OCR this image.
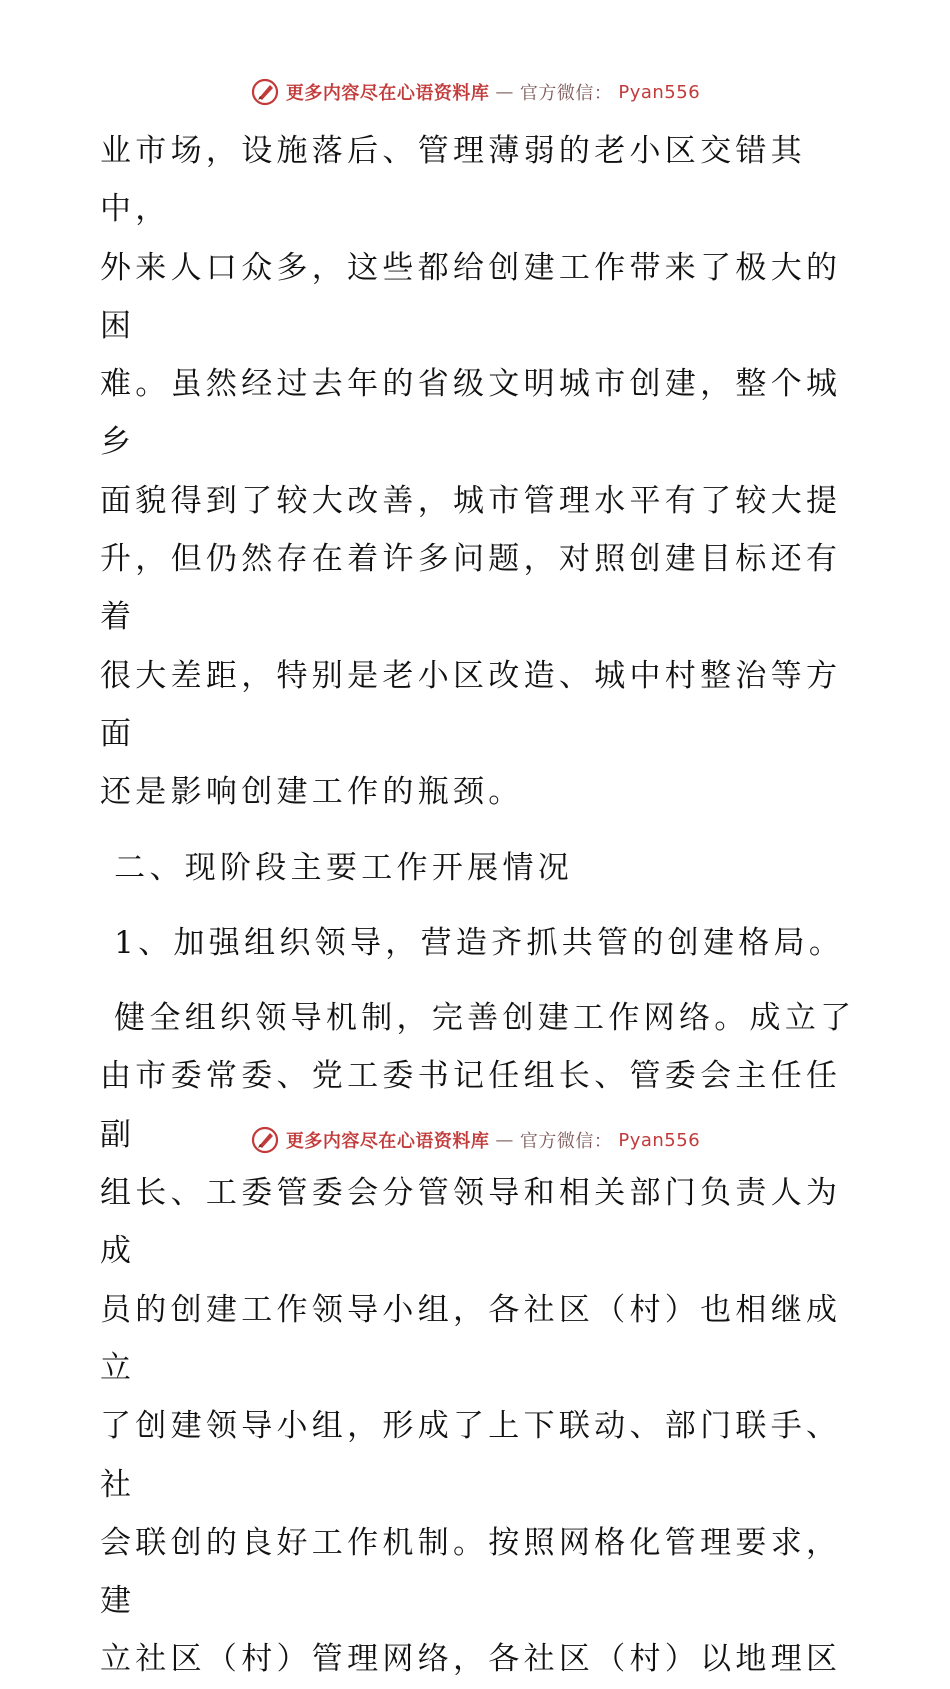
更多内容尽在心语资料库 — 官方微信： Pyan556
业市场，设施落后、管理薄弱的老小区交错其中，
外来人口众多，这些都给创建工作带来了极大的困
难。虽然经过去年的省级文明城市创建，整个城乡
面貌得到了较大改善，城市管理水平有了较大提
升，但仍然存在着许多问题，对照创建目标还有着
很大差距，特别是老小区改造、城中村整治等方面
还是影响创建工作的瓶颈。
二、现阶段主要工作开展情况
1、加强组织领导，营造齐抓共管的创建格局。
健全组织领导机制，完善创建工作网络。成立了
由市委常委、党工委书记任组长、管委会主任任副
组长、工委管委会分管领导和相关部门负责人为成
员的创建工作领导小组，各社区（村）也相继成立
了创建领导小组，形成了上下联动、部门联手、社
会联创的良好工作机制。按照网格化管理要求，建
立社区（村）管理网络，各社区（村）以地理区
更多内容尽在心语资料库 — 官方微信： Pyan556
